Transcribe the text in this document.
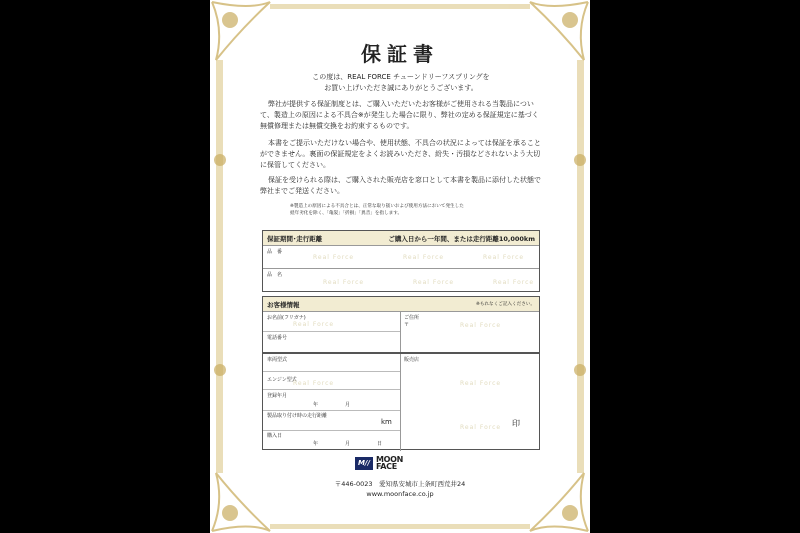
保証書
この度は、REAL FORCE チューンドリーフスプリングを
お買い上げいただき誠にありがとうございます。
弊社が提供する保証制度とは、ご購入いただいたお客様がご使用される当製品について、製造上の原因による不具合※が発生した場合に限り、弊社の定める保証規定に基づく無償修理または無償交換をお約束するものです。
本書をご提示いただけない場合や、使用状態、不具合の状況によっては保証を承ることができません。裏面の保証規定をよくお読みいただき、紛失・汚損などされないよう大切に保管してください。
保証を受けられる際は、ご購入された販売店を窓口として本書を製品に添付した状態で弊社までご発送ください。
※製造上の原因による不具合とは、正常な取り扱いおよび使用方法において発生した
経年劣化を除く、「亀裂」「折損」「異音」を指します。
保証期間･走行距離	ご購入日から一年間、または走行距離10,000km
品　番
Real Force	Real Force	Real Force
品　名
Real Force	Real Force	Real Force
お客様情報	※もれなくご記入ください。
お名前(フリガナ)
電話番号
Real Force
ご住所
〒	Real Force
車両型式
エンジン型式
登録年月
年	月
製品取り付け時の走行距離
km
購入日
年	月	日
Real Force
販売店
印
Real Force
Real Force
M// MOON
FACE
〒446-0023　愛知県安城市上条町西荒井24
www.moonface.co.jp
